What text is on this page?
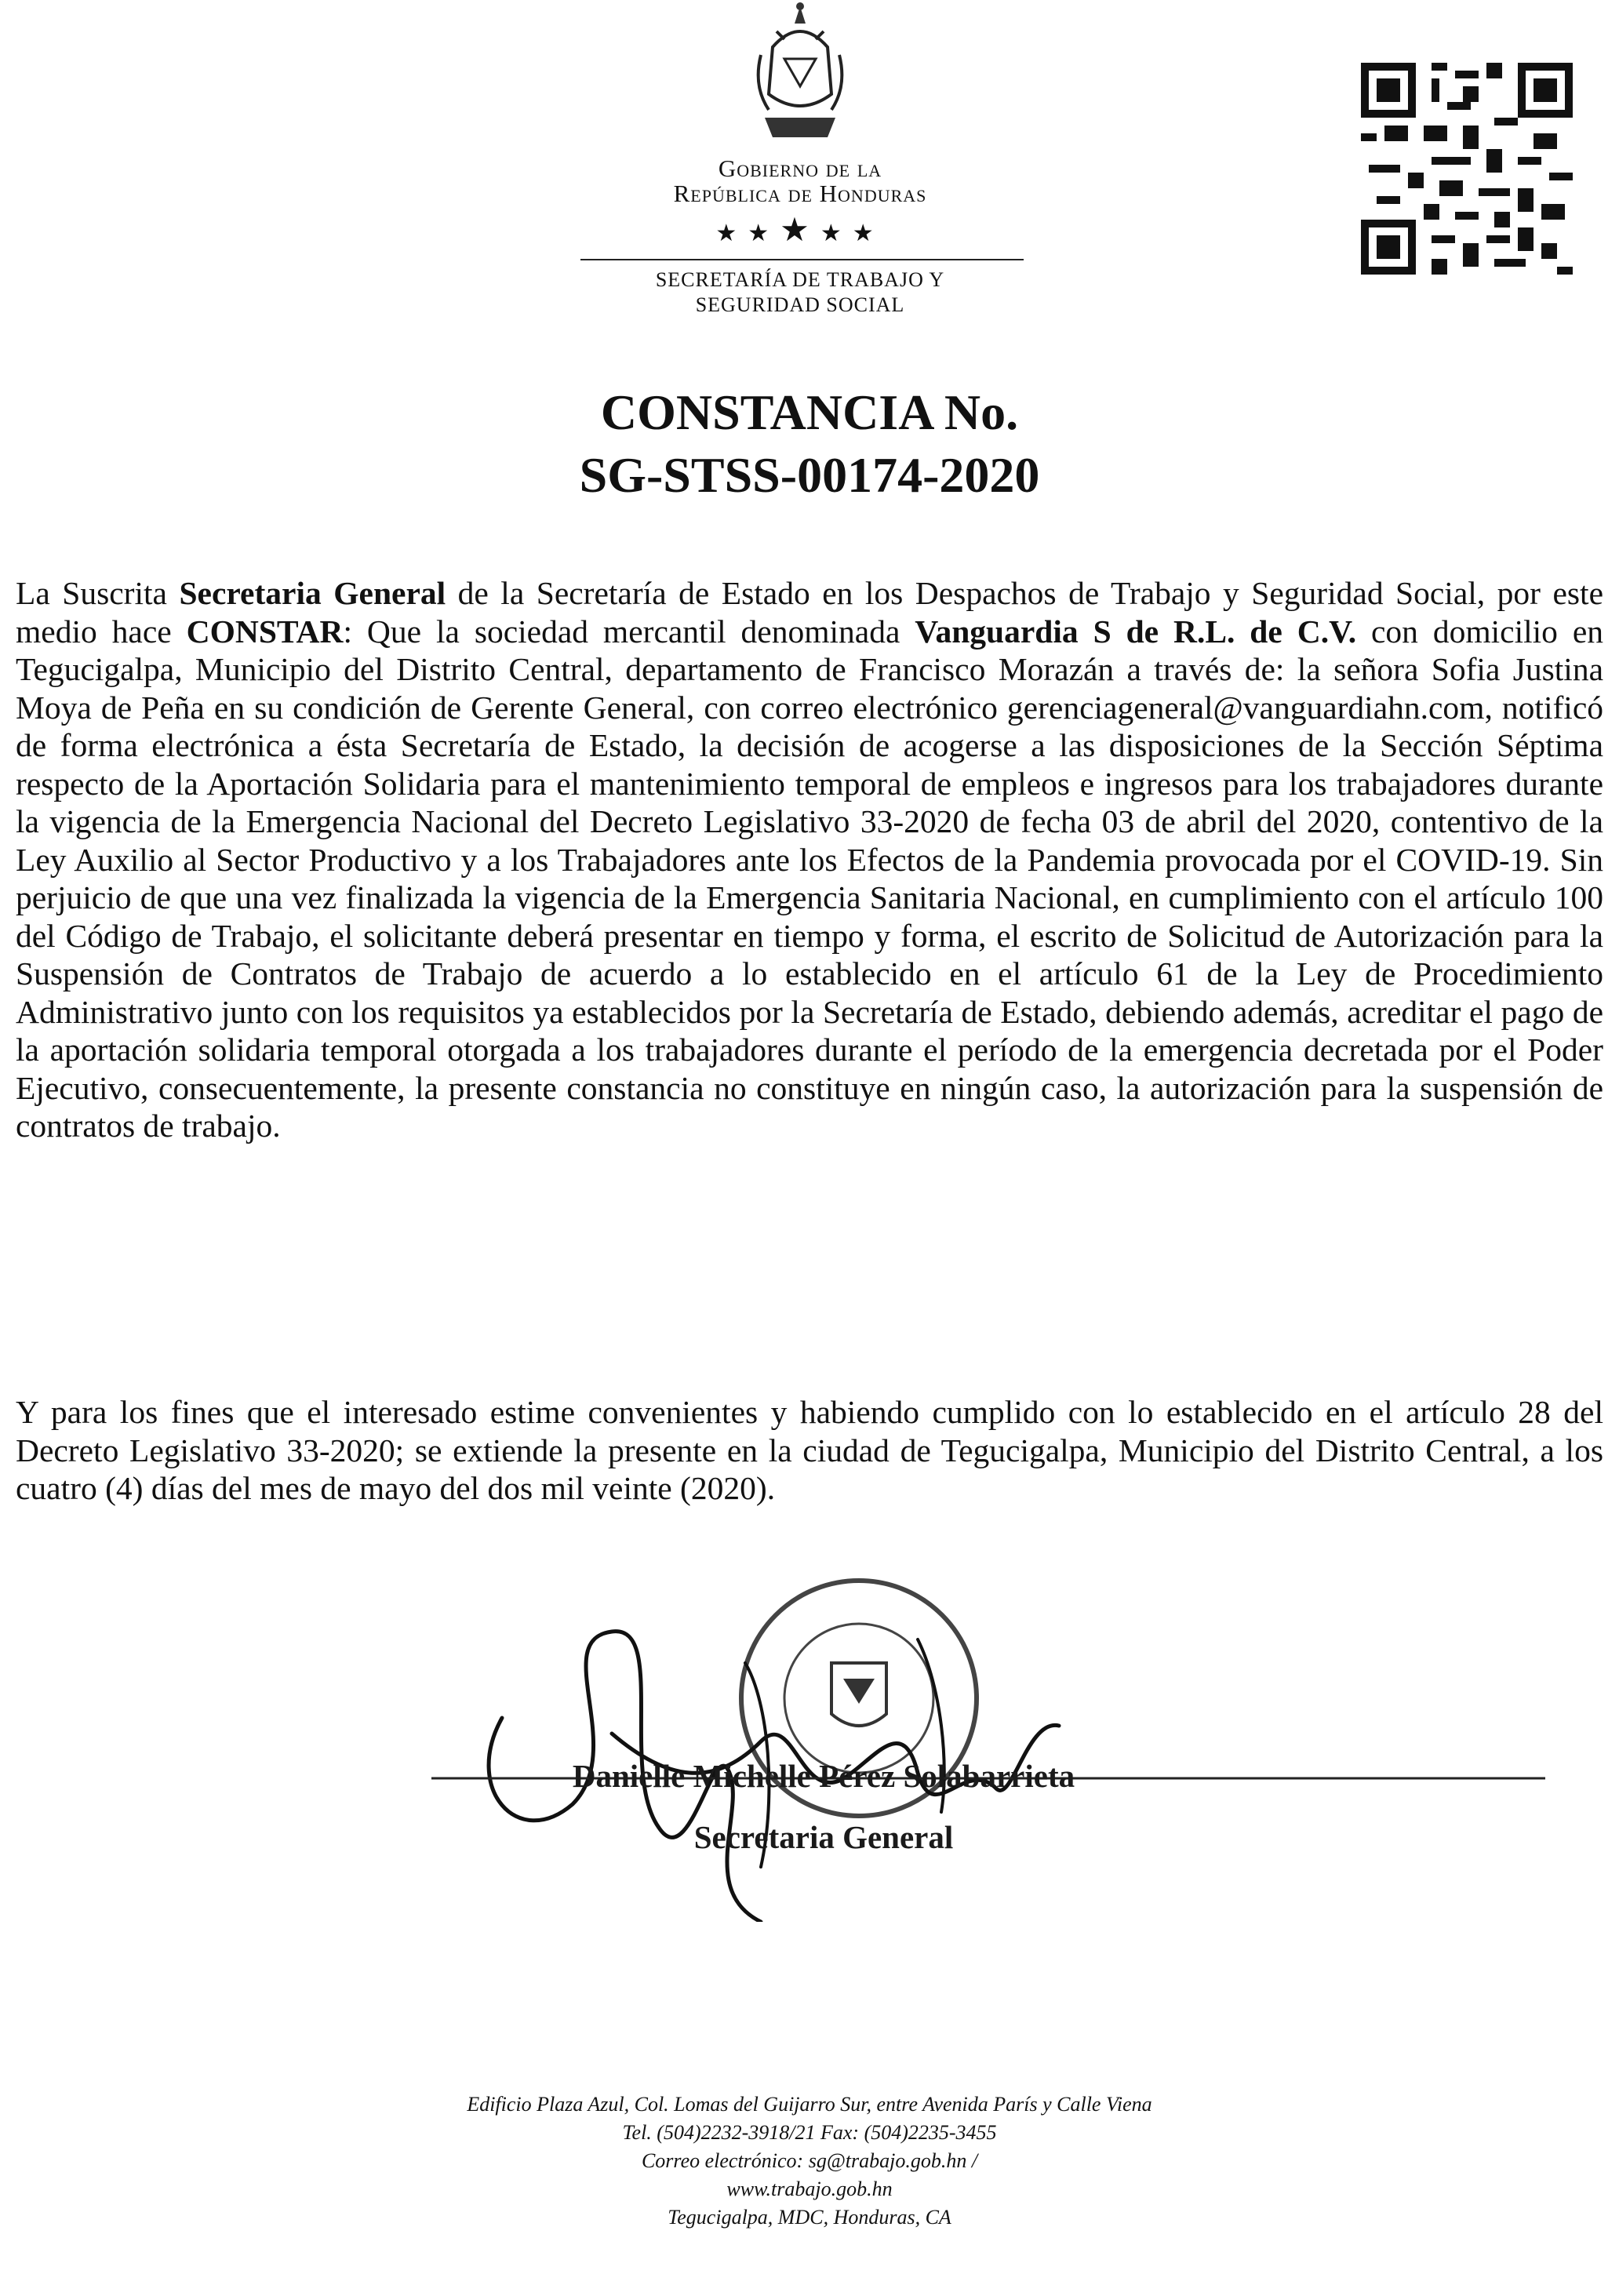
Gobierno de la
República de Honduras
★★★★★
SECRETARÍA DE TRABAJO Y
SEGURIDAD SOCIAL
CONSTANCIA No.
SG-STSS-00174-2020
La Suscrita Secretaria General de la Secretaría de Estado en los Despachos de Trabajo y Seguridad Social, por este medio hace CONSTAR: Que la sociedad mercantil denominada Vanguardia S de R.L. de C.V. con domicilio en Tegucigalpa, Municipio del Distrito Central, departamento de Francisco Morazán a través de: la señora Sofia Justina Moya de Peña en su condición de Gerente General, con correo electrónico gerenciageneral@vanguardiahn.com, notificó de forma electrónica a ésta Secretaría de Estado, la decisión de acogerse a las disposiciones de la Sección Séptima respecto de la Aportación Solidaria para el mantenimiento temporal de empleos e ingresos para los trabajadores durante la vigencia de la Emergencia Nacional del Decreto Legislativo 33-2020 de fecha 03 de abril del 2020, contentivo de la Ley Auxilio al Sector Productivo y a los Trabajadores ante los Efectos de la Pandemia provocada por el COVID-19. Sin perjuicio de que una vez finalizada la vigencia de la Emergencia Sanitaria Nacional, en cumplimiento con el artículo 100 del Código de Trabajo, el solicitante deberá presentar en tiempo y forma, el escrito de Solicitud de Autorización para la Suspensión de Contratos de Trabajo de acuerdo a lo establecido en el artículo 61 de la Ley de Procedimiento Administrativo junto con los requisitos ya establecidos por la Secretaría de Estado, debiendo además, acreditar el pago de la aportación solidaria temporal otorgada a los trabajadores durante el período de la emergencia decretada por el Poder Ejecutivo, consecuentemente, la presente constancia no constituye en ningún caso, la autorización para la suspensión de contratos de trabajo.
Y para los fines que el interesado estime convenientes y habiendo cumplido con lo establecido en el artículo 28 del Decreto Legislativo 33-2020; se extiende la presente en la ciudad de Tegucigalpa, Municipio del Distrito Central, a los cuatro (4) días del mes de mayo del dos mil veinte (2020).
Danielle Michelle Pérez Solabarrieta
Secretaria General
Edificio Plaza Azul, Col. Lomas del Guijarro Sur, entre Avenida París y Calle Viena
Tel. (504)2232-3918/21 Fax: (504)2235-3455
Correo electrónico: sg@trabajo.gob.hn /
www.trabajo.gob.hn
Tegucigalpa, MDC, Honduras, CA
